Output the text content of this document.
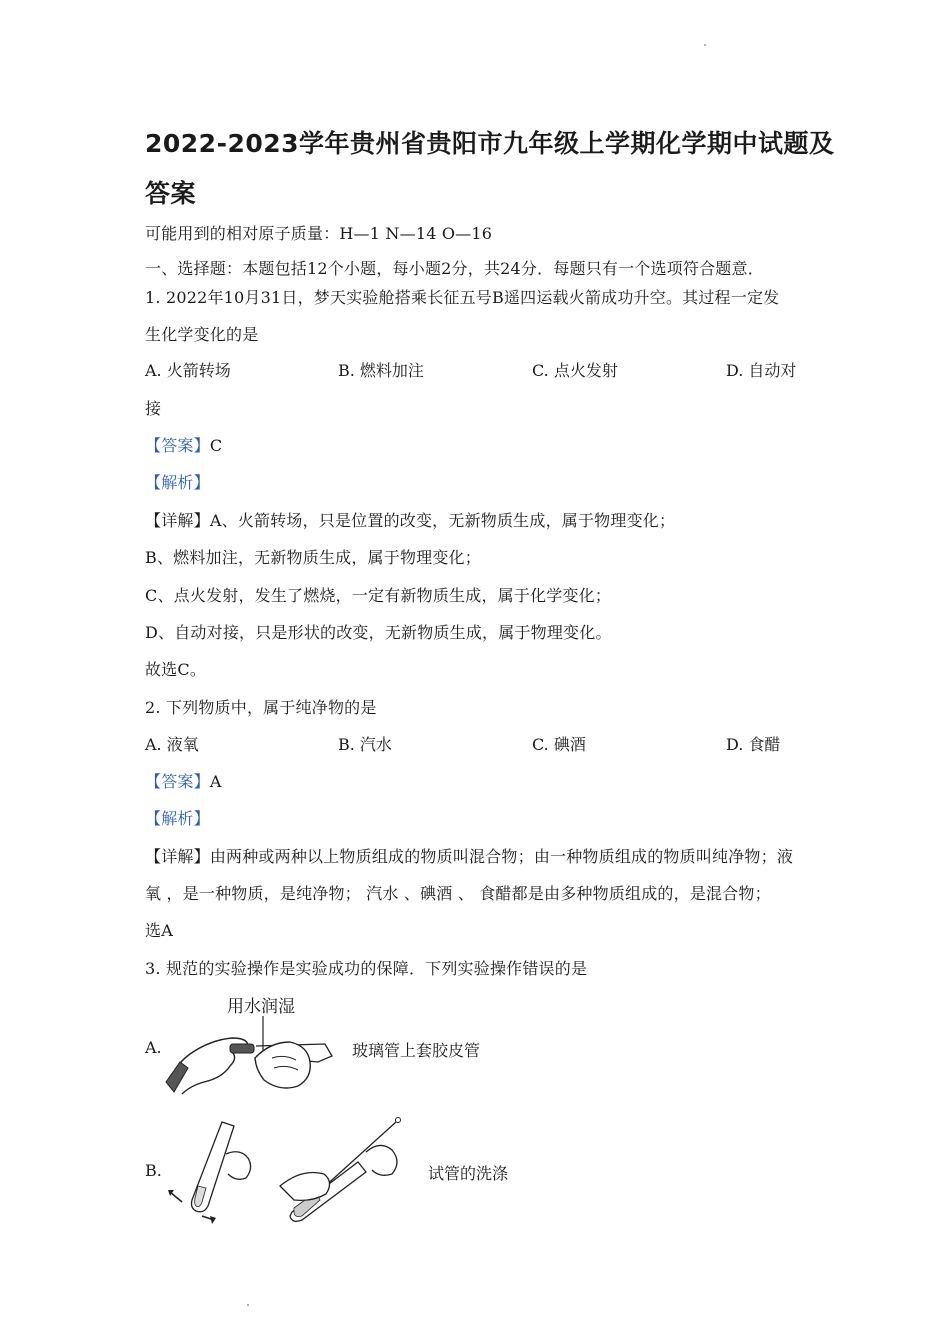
2022-2023学年贵州省贵阳市九年级上学期化学期中试题及
答案
可能用到的相对原子质量：H—1 N—14 O—16
一、选择题：本题包括12个小题，每小题2分，共24分．每题只有一个选项符合题意．
1. 2022年10月31日，梦天实验舱搭乘长征五号B遥四运载火箭成功升空。其过程一定发
生化学变化的是
A. 火箭转场	B. 燃料加注	C. 点火发射	D. 自动对
接
【答案】C
【解析】
【详解】A、火箭转场，只是位置的改变，无新物质生成，属于物理变化；
B、燃料加注，无新物质生成，属于物理变化；
C、点火发射，发生了燃烧，一定有新物质生成，属于化学变化；
D、自动对接，只是形状的改变，无新物质生成，属于物理变化。
故选C。
2. 下列物质中，属于纯净物的是
A. 液氧	B. 汽水	C. 碘酒	D. 食醋
【答案】A
【解析】
【详解】由两种或两种以上物质组成的物质叫混合物；由一种物质组成的物质叫纯净物；液
氧 ，是一种物质，是纯净物； 汽水 、碘酒 、 食醋都是由多种物质组成的，是混合物；
选A
3. 规范的实验操作是实验成功的保障．下列实验操作错误的是
A.
用水润湿
玻璃管上套胶皮管
B.	试管的洗涤
